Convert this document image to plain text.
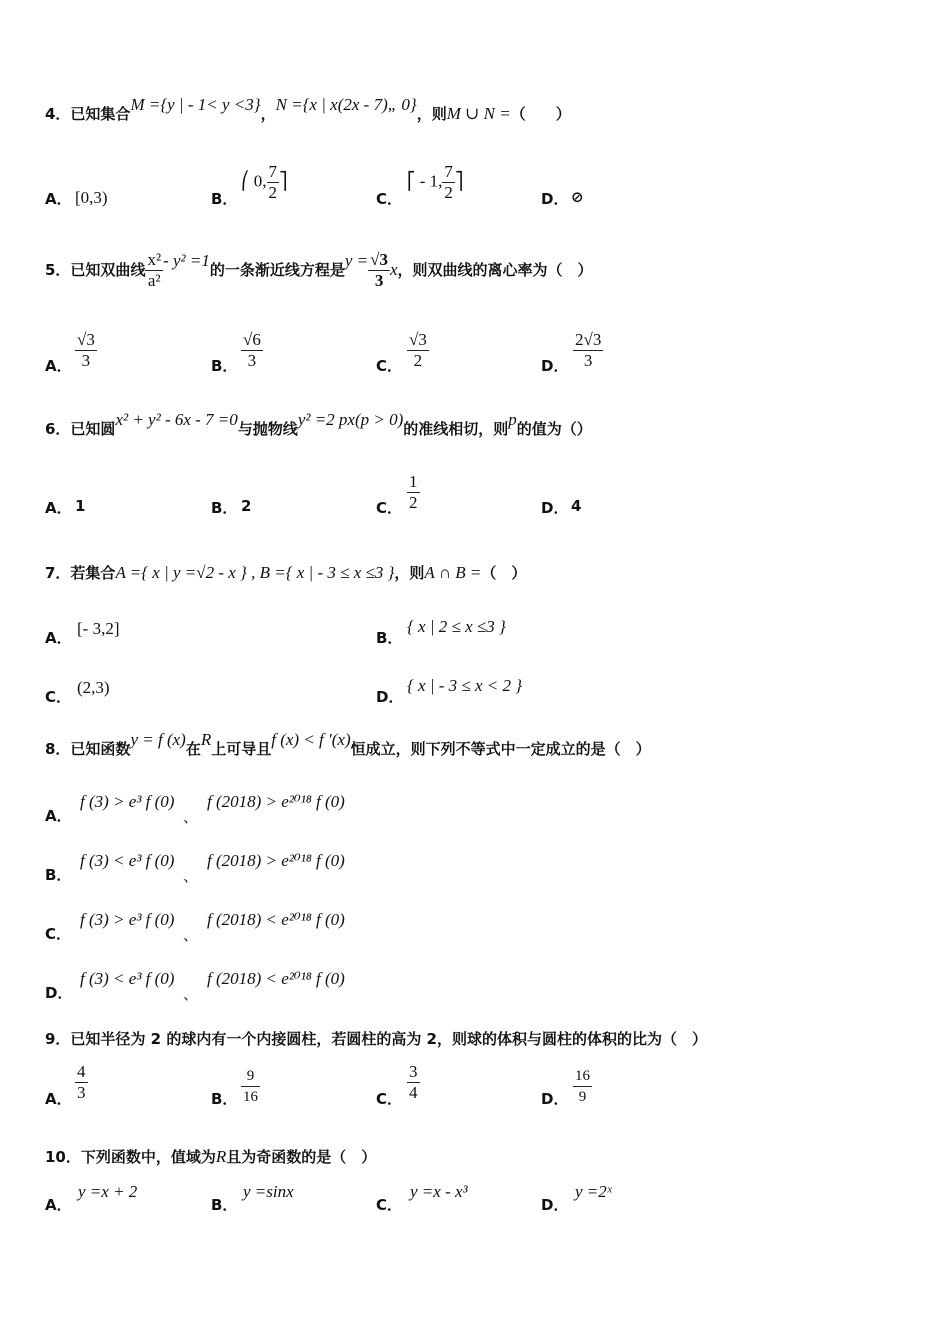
4．已知集合M ={y | - 1< y <3}，N ={x | x(2x - 7)„ 0}，则M ∪ N =（　　）
A． [0,3)	B．
⎛ 0, $\frac{7}{2}$ ⎤
C．
⎡ - 1, $\frac{7}{2}$ ⎤
D． ⊘
5．已知双曲线 $\frac{\text{x²}}{\text{a²}} - y^2 =1$的一条渐近线方程是$y = \frac{√3}{3}$ x，则双曲线的离心率为（　）
A． $\frac{√3}{3}$	B． $\frac{√6}{3}$	C． $\frac{√3}{2}$	D． $\frac{2√3}{3}$
6．已知圆x² + y² - 6x - 7 =0与抛物线y² =2 px(p > 0)的准线相切，则p的值为（）
A． 1	B． 2	C． $\frac{1}{2}$	D． 4
7．若集合A ={ x | y =√2 - x } , B ={ x | - 3 ≤ x ≤3 }，则A ∩ B =（　）
A． [- 3,2]	B．
{ x | 2 ≤ x ≤3 }
C． (2,3)	D．
{ x | - 3 ≤ x < 2 }
8．已知函数y = f (x)在R上可导且f (x) < f ′(x)恒成立，则下列不等式中一定成立的是（　）
A．
f (3) > e³ f (0)
、
f (2018) > e²⁰¹⁸ f (0)
B．
f (3) < e³ f (0)
、
f (2018) > e²⁰¹⁸ f (0)
C．
f (3) > e³ f (0)
、
f (2018) < e²⁰¹⁸ f (0)
D．
f (3) < e³ f (0)
、
f (2018) < e²⁰¹⁸ f (0)
9．已知半径为 2 的球内有一个内接圆柱，若圆柱的高为 2，则球的体积与圆柱的体积的比为（　）
A． $\frac{4}{3}$	B． $\frac{9}{16}$	C． $\frac{3}{4}$	D． $\frac{16}{9}$
10．下列函数中，值域为R且为奇函数的是（　）
A．
y =x + 2
B．
y =sinx
C．
y =x - x³
D．
y =2ˣ
